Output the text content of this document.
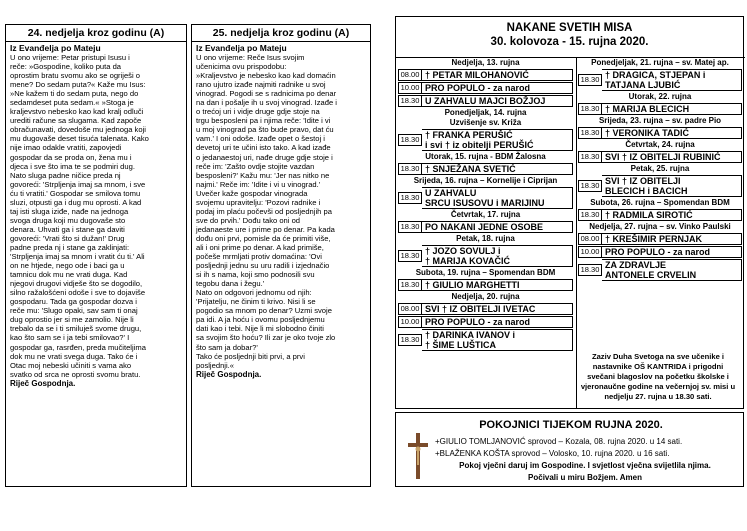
24. nedjelja kroz godinu (A)
Iz Evanđelja po Mateju
U ono vrijeme: Petar pristupi Isusu i
reče: »Gospodine, koliko puta da
oprostim bratu svomu ako se ogriješi o
mene? Do sedam puta?« Kaže mu Isus:
»Ne kažem ti do sedam puta, nego do
sedamdeset puta sedam.« »Stoga je
kraljevstvo nebesko kao kad kralj odluči
urediti račune sa slugama. Kad započe
obračunavati, dovedoše mu jednoga koji
mu dugovaše deset tisuća talenata. Kako
nije imao odakle vratiti, zapovjedi
gospodar da se proda on, žena mu i
djeca i sve što ima te se podmiri dug.
Nato sluga padne ničice preda nj
govoreći: 'Strpljenja imaj sa mnom, i sve
ću ti vratiti.' Gospodar se smilova tomu
sluzi, otpusti ga i dug mu oprosti. A kad
taj isti sluga iziđe, nađe na jednoga
svoga druga koji mu dugovaše sto
denara. Uhvati ga i stane ga daviti
govoreći: 'Vrati što si dužan!' Drug
padne preda nj i stane ga zaklinjati:
'Strpljenja imaj sa mnom i vratit ću ti.' Ali
on ne htjede, nego ode i baci ga u
tamnicu dok mu ne vrati duga. Kad
njegovi drugovi vidješe što se dogodilo,
silno ražalošćeni odoše i sve to dojaviše
gospodaru. Tada ga gospodar dozva i
reče mu: 'Slugo opaki, sav sam ti onaj
dug oprostio jer si me zamolio. Nije li
trebalo da se i ti smiluješ svome drugu,
kao što sam se i ja tebi smilovao?' I
gospodar ga, rasrđen, preda mučiteljima
dok mu ne vrati svega duga. Tako će i
Otac moj nebeski učiniti s vama ako
svatko od srca ne oprosti svomu bratu.
Riječ Gospodnja.
25. nedjelja kroz godinu (A)
Iz Evanđelja po Mateju
U ono vrijeme: Reče Isus svojim
učenicima ovu prispodobu:
»Kraljevstvo je nebesko kao kad domaćin
rano ujutro izađe najmiti radnike u svoj
vinograd. Pogodi se s radnicima po denar
na dan i pošalje ih u svoj vinograd. Izađe i
o trećoj uri i vidje druge gdje stoje na
trgu besposleni pa i njima reče: 'Idite i vi
u moj vinograd pa što bude pravo, dat ću
vam.' I oni odoše. Izađe opet o šestoj i
devetoj uri te učini isto tako. A kad izađe
o jedanaestoj uri, nađe druge gdje stoje i
reče im: 'Zašto ovdje stojite vazdan
besposleni?' Kažu mu: 'Jer nas nitko ne
najmi.' Reče im: 'Idite i vi u vinograd.'
Uvečer kaže gospodar vinograda
svojemu upravitelju: 'Pozovi radnike i
podaj im plaću počevši od posljednjih pa
sve do prvih.' Dođu tako oni od
jedanaeste ure i prime po denar. Pa kada
dođu oni prvi, pomisle da će primiti više,
ali i oni prime po denar. A kad primiše,
počeše mrmljati protiv domaćina: 'Ovi
posljednji jednu su uru radili i izjednačio
si ih s nama, koji smo podnosili svu
tegobu dana i žegu.'
Nato on odgovori jednomu od njih:
'Prijatelju, ne činim ti krivo. Nisi li se
pogodio sa mnom po denar? Uzmi svoje
pa idi. A ja hoću i ovomu posljednjemu
dati kao i tebi. Nije li mi slobodno činiti
sa svojim što hoću? Ili zar je oko tvoje zlo
što sam ja dobar?'
Tako će posljednji biti prvi, a prvi
posljednji.«
Riječ Gospodnja.
NAKANE SVETIH MISA
30. kolovoza - 15. rujna 2020.
Nedjelja, 13. rujna
08.00 † PETAR MILOHANOVIĆ
10.00 PRO POPULO - za narod
18.30 U ZAHVALU MAJCI BOŽJOJ
Ponedjeljak, 14. rujna
Uzvišenje sv. Križa
18.30 † FRANKA PERUŠIĆ
i svi † iz obitelji PERUŠIĆ
Utorak, 15. rujna - BDM Žalosna
18.30 † SNJEŽANA SVETIĆ
Srijeda, 16. rujna – Kornelije i Ciprijan
18.30 U ZAHVALU
SRCU ISUSOVU i MARIJINU
Četvrtak, 17. rujna
18.30 PO NAKANI JEDNE OSOBE
Petak, 18. rujna
18.30 † JOZO SOVULJ i
† MARIJA KOVAČIĆ
Subota, 19. rujna – Spomendan BDM
18.30 † GIULIO MARGHETTI
Nedjelja, 20. rujna
08.00 SVI † IZ OBITELJI IVETAC
10.00 PRO POPULO - za narod
18.30 † DARINKA IVANOV i
† ŠIME LUŠTICA
Ponedjeljak, 21. rujna – sv. Matej ap.
18.30 † DRAGICA, STJEPAN i
TATJANA LJUBIĆ
Utorak, 22. rujna
18.30 † MARIJA BLECICH
Srijeda, 23. rujna – sv. padre Pio
18.30 † VERONIKA TADIĆ
Četvrtak, 24. rujna
18.30 SVI † IZ OBITELJI RUBINIĆ
Petak, 25. rujna
18.30 SVI † IZ OBITELJI
BLECICH i BACICH
Subota, 26. rujna – Spomendan BDM
18.30 † RADMILA SIROTIĆ
Nedjelja, 27. rujna – sv. Vinko Paulski
08.00 † KREŠIMIR PERNJAK
10.00 PRO POPULO - za narod
18.30 ZA ZDRAVLJE
ANTONELE CRVELIN
Zaziv Duha Svetoga na sve učenike i nastavnike OŠ KANTRIDA i prigodni svečani blagoslov na početku školske i vjeronaučne godine na večernjoj sv. misi u nedjelju 27. rujna u 18.30 sati.
POKOJNICI TIJEKOM RUJNA 2020.
+GIULIO TOMLJANOVIĆ sprovod – Kozala, 08. rujna 2020. u 14 sati.
+BLAŽENKA KOŠTA sprovod – Volosko, 10. rujna 2020. u 16 sati.
Pokoj vječni daruj im Gospodine. I svjetlost vječna svijetlila njima.
Počivali u miru Božjem. Amen
